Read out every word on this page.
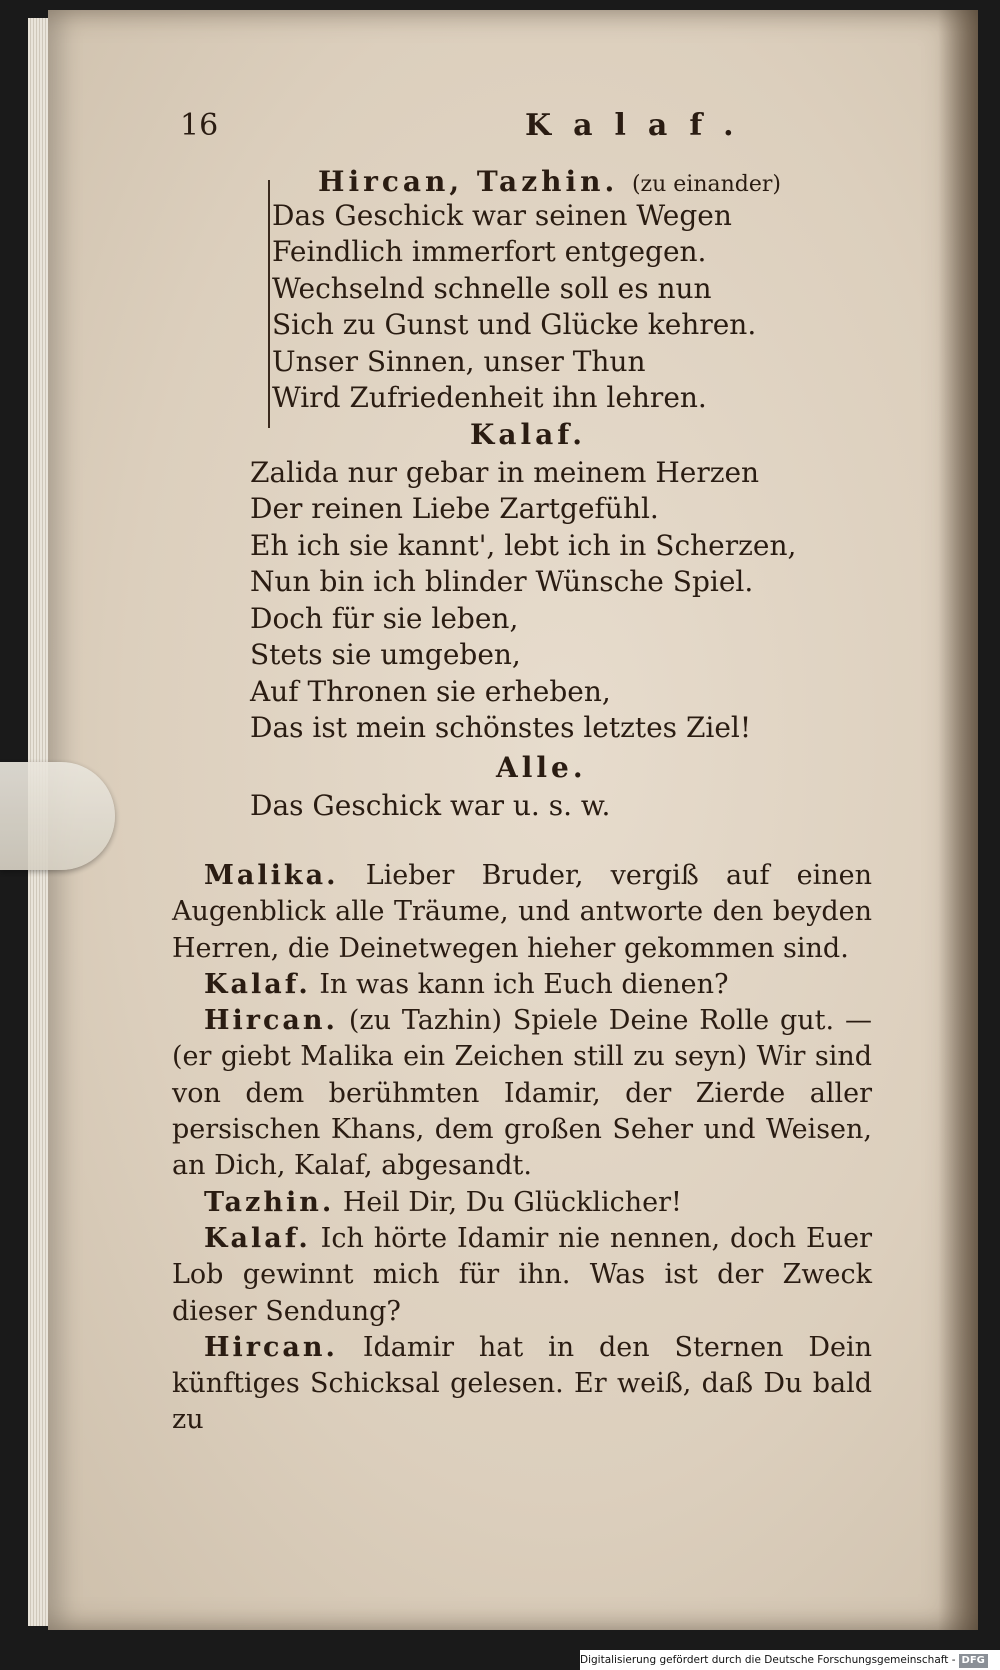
16	Kalaf.
Hircan, Tazhin. (zu einander)
Das Geschick war seinen Wegen
Feindlich immerfort entgegen.
Wechselnd schnelle soll es nun
Sich zu Gunst und Glücke kehren.
Unser Sinnen, unser Thun
Wird Zufriedenheit ihn lehren.
Kalaf.
Zalida nur gebar in meinem Herzen
Der reinen Liebe Zartgefühl.
Eh ich sie kannt', lebt ich in Scherzen,
Nun bin ich blinder Wünsche Spiel.
Doch für sie leben,
Stets sie umgeben,
Auf Thronen sie erheben,
Das ist mein schönstes letztes Ziel!
Alle.
Das Geschick war u. s. w.

Malika. Lieber Bruder, vergiß auf einen Augenblick alle Träume, und antworte den beyden Herren, die Deinetwegen hieher gekommen sind.

Kalaf. In was kann ich Euch dienen?

Hircan. (zu Tazhin) Spiele Deine Rolle gut. — (er giebt Malika ein Zeichen still zu seyn) Wir sind von dem berühmten Idamir, der Zierde aller persischen Khans, dem großen Seher und Weisen, an Dich, Kalaf, abgesandt.

Tazhin. Heil Dir, Du Glücklicher!

Kalaf. Ich hörte Idamir nie nennen, doch Euer Lob gewinnt mich für ihn. Was ist der Zweck dieser Sendung?

Hircan. Idamir hat in den Sternen Dein künftiges Schicksal gelesen. Er weiß, daß Du bald zu

Digitalisierung gefördert durch die Deutsche Forschungsgemeinschaft - DFG
